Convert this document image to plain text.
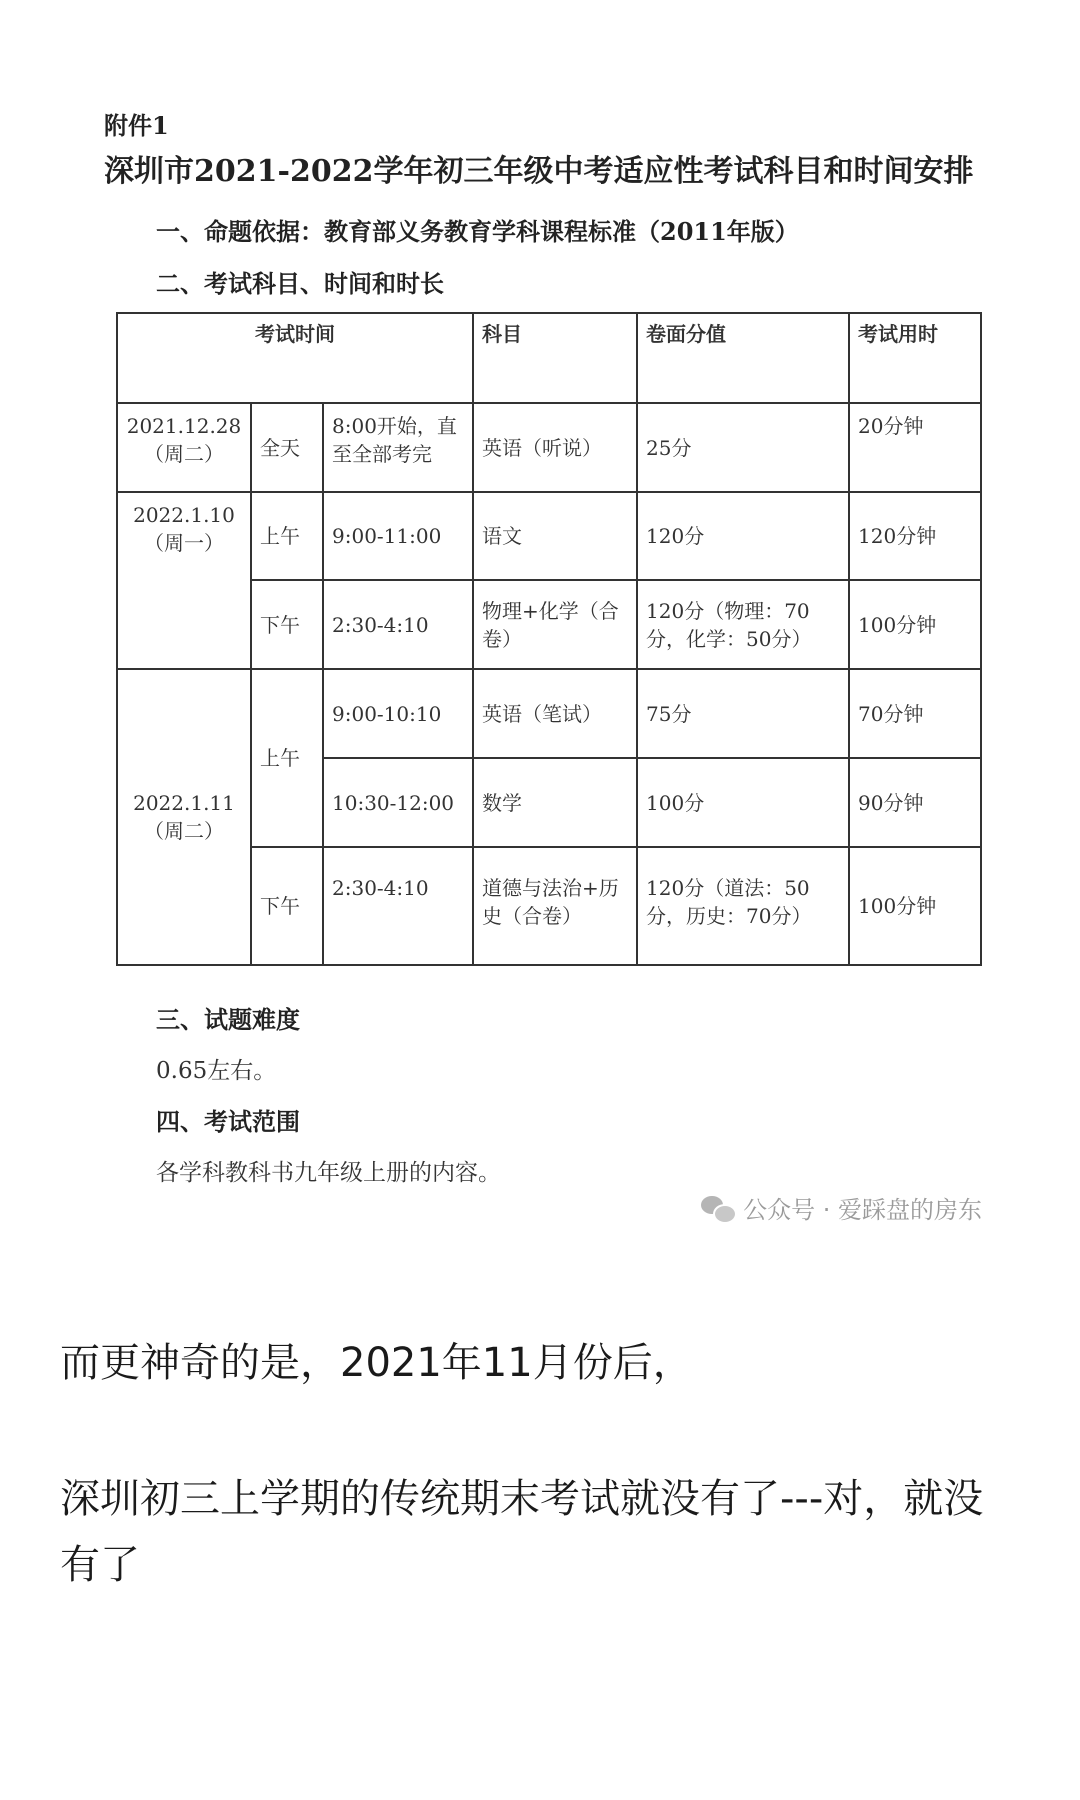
附件1
深圳市2021-2022学年初三年级中考适应性考试科目和时间安排
一、命题依据：教育部义务教育学科课程标准（2011年版）
二、考试科目、时间和时长
考试时间			科目	卷面分值	考试用时
2021.12.28
（周二）	全天	8:00开始，直至全部考完	英语（听说）	25分	20分钟
2022.1.10
（周一）	上午	9:00-11:00	语文	120分	120分钟
	下午	2:30-4:10	物理+化学（合卷）	120分（物理：70分，化学：50分）	100分钟
2022.1.11
（周二）	上午	9:00-10:10	英语（笔试）	75分	70分钟
		10:30-12:00	数学	100分	90分钟
	下午	2:30-4:10	道德与法治+历史（合卷）	120分（道法：50分，历史：70分）	100分钟
三、试题难度
0.65左右。
四、考试范围
各学科教科书九年级上册的内容。
公众号 · 爱踩盘的房东
而更神奇的是，2021年11月份后，
深圳初三上学期的传统期末考试就没有了---对，就没有了
